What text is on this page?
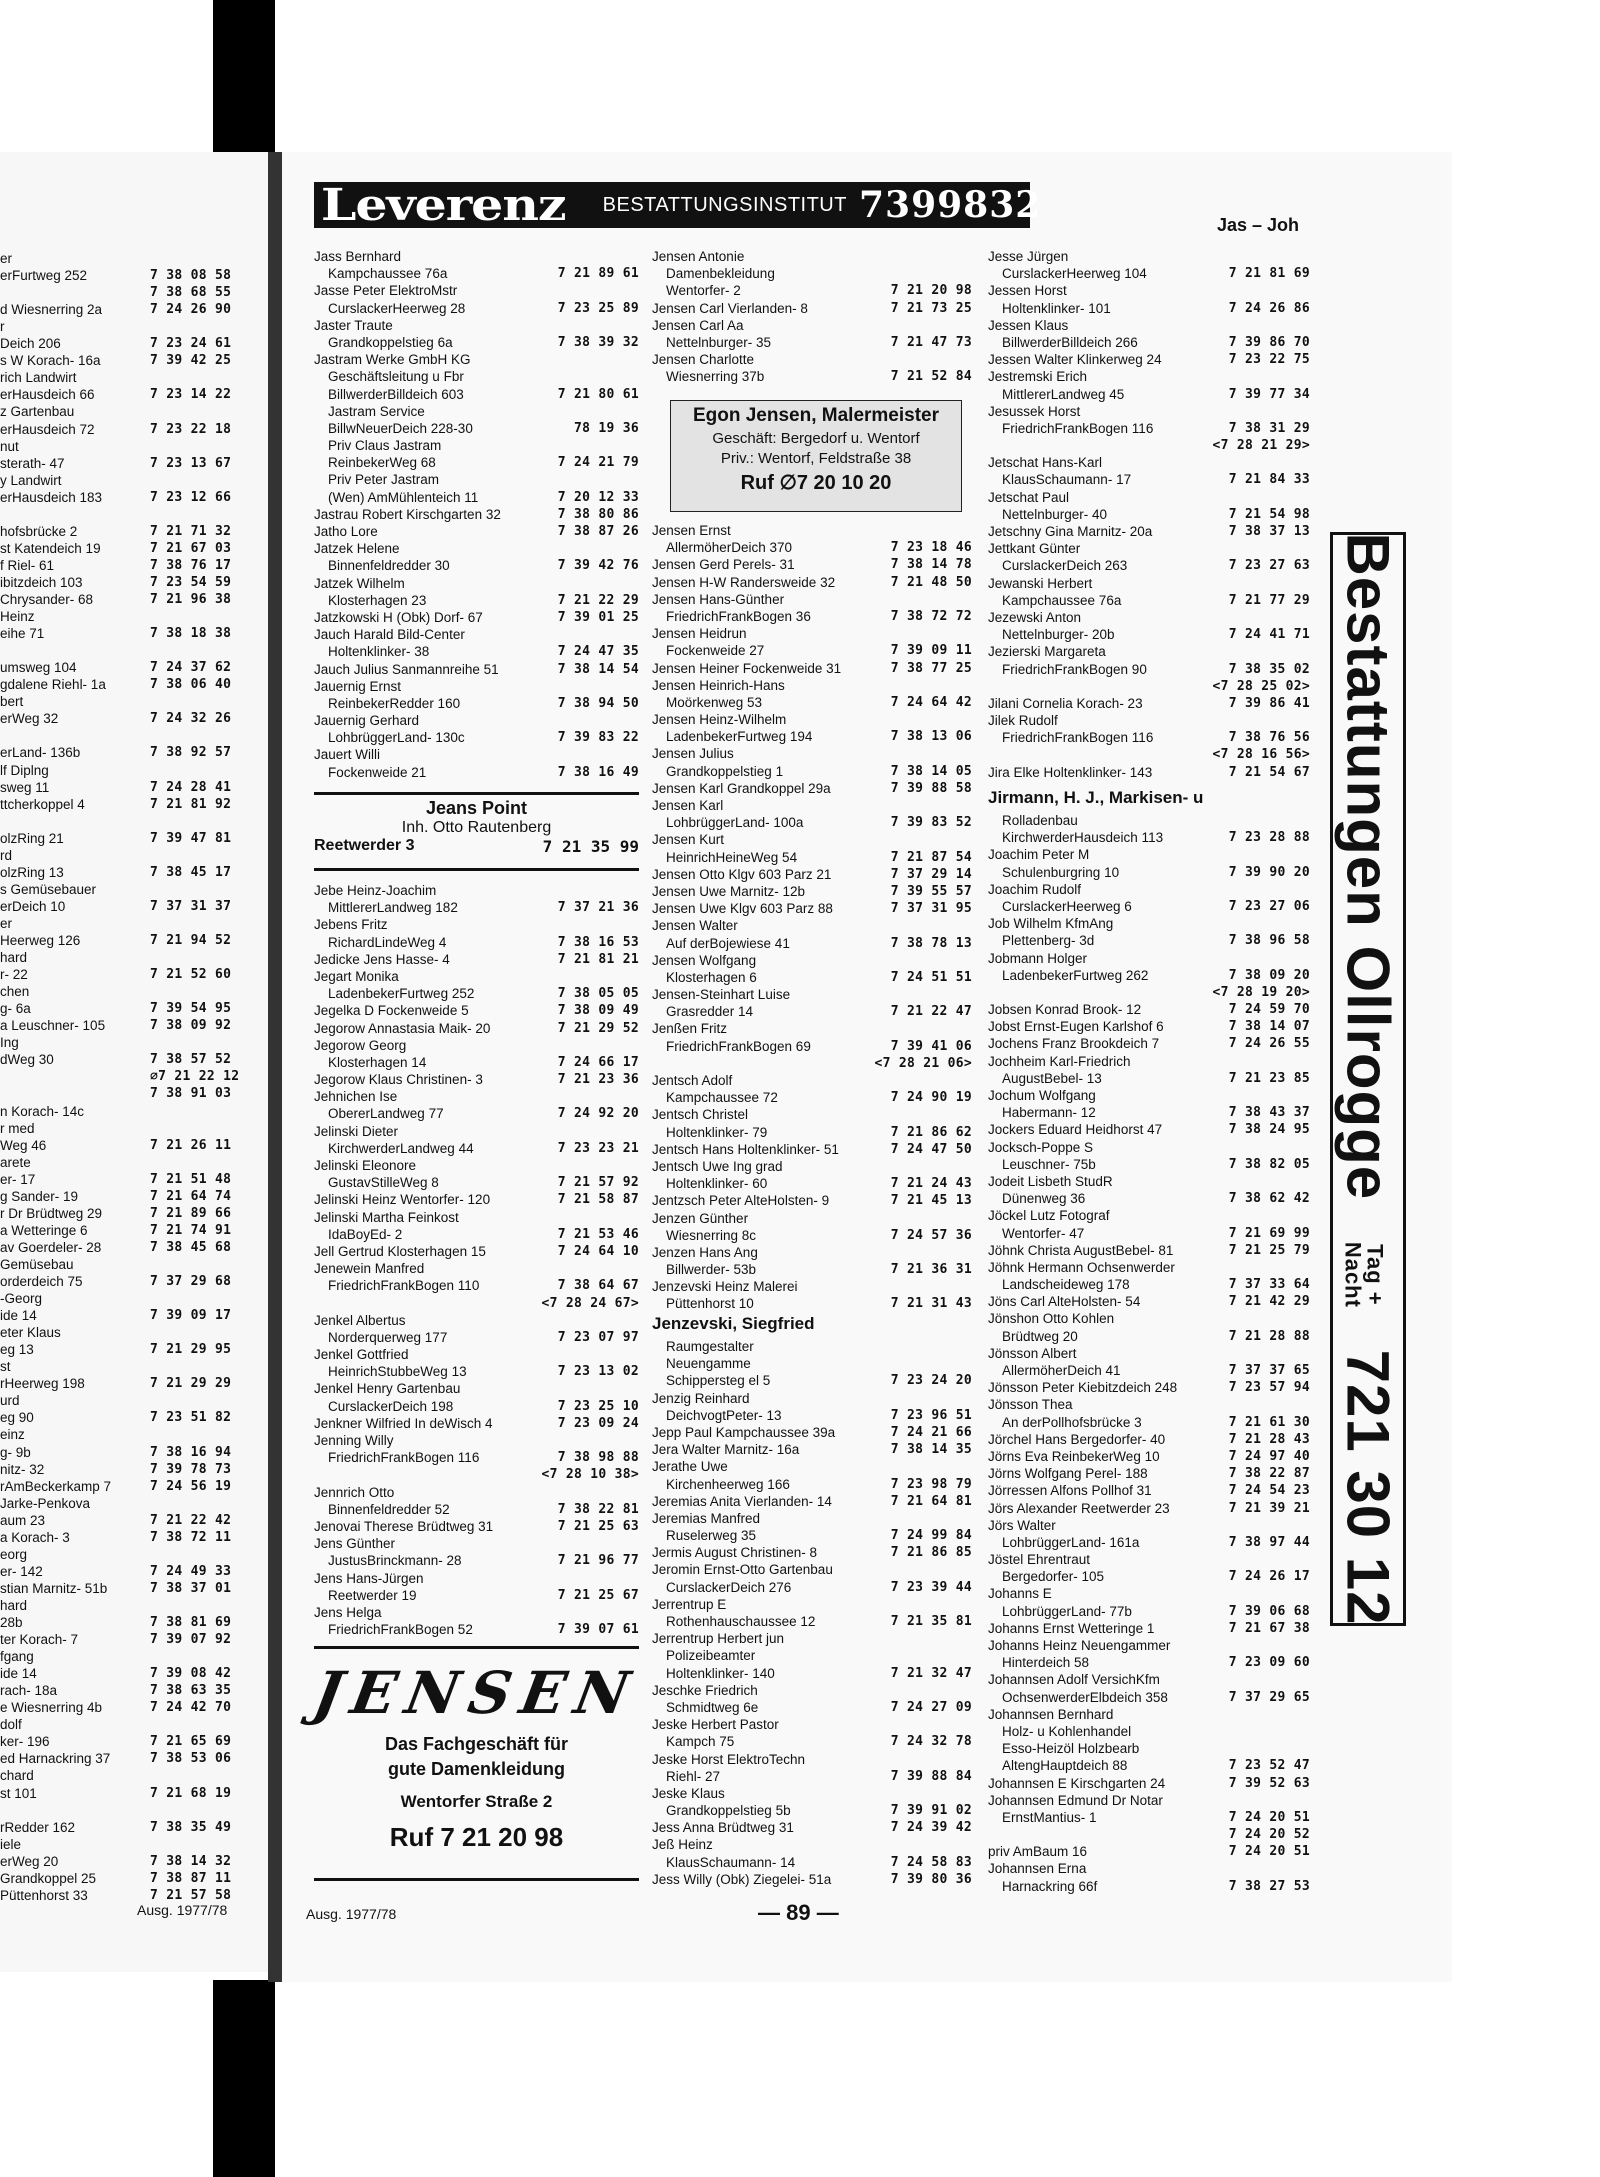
er
erFurtweg 252	7 38 08 58
7 38 68 55
d Wiesnerring 2a	7 24 26 90
r
Deich 206	7 23 24 61
s W Korach- 16a	7 39 42 25
rich Landwirt
erHausdeich 66	7 23 14 22
z Gartenbau
erHausdeich 72	7 23 22 18
nut
sterath- 47	7 23 13 67
y Landwirt
erHausdeich 183	7 23 12 66
hofsbrücke 2	7 21 71 32
st Katendeich 19	7 21 67 03
f Riel- 61	7 38 76 17
ibitzdeich 103	7 23 54 59
Chrysander- 68	7 21 96 38
Heinz
eihe 71	7 38 18 38
umsweg 104	7 24 37 62
gdalene Riehl- 1a	7 38 06 40
bert
erWeg 32	7 24 32 26
erLand- 136b	7 38 92 57
lf Diplng
sweg 11	7 24 28 41
ttcherkoppel 4	7 21 81 92
olzRing 21	7 39 47 81
rd
olzRing 13	7 38 45 17
s Gemüsebauer
erDeich 10	7 37 31 37
er
Heerweg 126	7 21 94 52
hard
r- 22	7 21 52 60
chen
g- 6a	7 39 54 95
a Leuschner- 105	7 38 09 92
Ing
dWeg 30	7 38 57 52
∅7 21 22 12
7 38 91 03
n Korach- 14c
r med
Weg 46	7 21 26 11
arete
er- 17	7 21 51 48
g Sander- 19	7 21 64 74
r Dr Brüdtweg 29	7 21 89 66
a Wetteringe 6	7 21 74 91
av Goerdeler- 28	7 38 45 68
Gemüsebau
orderdeich 75	7 37 29 68
-Georg
ide 14	7 39 09 17
eter Klaus
eg 13	7 21 29 95
st
rHeerweg 198	7 21 29 29
urd
eg 90	7 23 51 82
einz
g- 9b	7 38 16 94
nitz- 32	7 39 78 73
rAmBeckerkamp 7	7 24 56 19
Jarke-Penkova
aum 23	7 21 22 42
a Korach- 3	7 38 72 11
eorg
er- 142	7 24 49 33
stian Marnitz- 51b	7 38 37 01
hard
28b	7 38 81 69
ter Korach- 7	7 39 07 92
fgang
ide 14	7 39 08 42
rach- 18a	7 38 63 35
e Wiesnerring 4b	7 24 42 70
dolf
ker- 196	7 21 65 69
ed Harnackring 37	7 38 53 06
chard
st 101	7 21 68 19
rRedder 162	7 38 35 49
iele
erWeg 20	7 38 14 32
Grandkoppel 25	7 38 87 11
Püttenhorst 33	7 21 57 58
Ausg. 1977/78
Leverenz BESTATTUNGSINSTITUT 7399832	Jas – Joh
Jass Bernhard
Kampchaussee 76a	7 21 89 61
Jasse Peter ElektroMstr
CurslackerHeerweg 28	7 23 25 89
Jaster Traute
Grandkoppelstieg 6a	7 38 39 32
Jastram Werke GmbH KG
Geschäftsleitung u Fbr
BillwerderBilldeich 603	7 21 80 61
Jastram Service
BillwNeuerDeich 228-30	78 19 36
Priv Claus Jastram
ReinbekerWeg 68	7 24 21 79
Priv Peter Jastram
(Wen) AmMühlenteich 11	7 20 12 33
Jastrau Robert Kirschgarten 32	7 38 80 86
Jatho Lore	7 38 87 26
Jatzek Helene
Binnenfeldredder 30	7 39 42 76
Jatzek Wilhelm
Klosterhagen 23	7 21 22 29
Jatzkowski H (Obk) Dorf- 67	7 39 01 25
Jauch Harald Bild-Center
Holtenklinker- 38	7 24 47 35
Jauch Julius Sanmannreihe 51	7 38 14 54
Jauernig Ernst
ReinbekerRedder 160	7 38 94 50
Jauernig Gerhard
LohbrüggerLand- 130c	7 39 83 22
Jauert Willi
Fockenweide 21	7 38 16 49
Jeans Point
Inh. Otto Rautenberg
Reetwerder 3	7 21 35 99
Jebe Heinz-Joachim
MittlererLandweg 182	7 37 21 36
Jebens Fritz
RichardLindeWeg 4	7 38 16 53
Jedicke Jens Hasse- 4	7 21 81 21
Jegart Monika
LadenbekerFurtweg 252	7 38 05 05
Jegelka D Fockenweide 5	7 38 09 49
Jegorow Annastasia Maik- 20	7 21 29 52
Jegorow Georg
Klosterhagen 14	7 24 66 17
Jegorow Klaus Christinen- 3	7 21 23 36
Jehnichen Ise
ObererLandweg 77	7 24 92 20
Jelinski Dieter
KirchwerderLandweg 44	7 23 23 21
Jelinski Eleonore
GustavStilleWeg 8	7 21 57 92
Jelinski Heinz Wentorfer- 120	7 21 58 87
Jelinski Martha Feinkost
IdaBoyEd- 2	7 21 53 46
Jell Gertrud Klosterhagen 15	7 24 64 10
Jenewein Manfred
FriedrichFrankBogen 110	7 38 64 67
<7 28 24 67>
Jenkel Albertus
Norderquerweg 177	7 23 07 97
Jenkel Gottfried
HeinrichStubbeWeg 13	7 23 13 02
Jenkel Henry Gartenbau
CurslackerDeich 198	7 23 25 10
Jenkner Wilfried In deWisch 4	7 23 09 24
Jenning Willy
FriedrichFrankBogen 116	7 38 98 88
<7 28 10 38>
Jennrich Otto
Binnenfeldredder 52	7 38 22 81
Jenovai Therese Brüdtweg 31	7 21 25 63
Jens Günther
JustusBrinckmann- 28	7 21 96 77
Jens Hans-Jürgen
Reetwerder 19	7 21 25 67
Jens Helga
FriedrichFrankBogen 52	7 39 07 61
JENSEN
Das Fachgeschäft für
gute Damenkleidung
Wentorfer Straße 2
Ruf 7 21 20 98
Jensen Antonie
Damenbekleidung
Wentorfer- 2	7 21 20 98
Jensen Carl Vierlanden- 8	7 21 73 25
Jensen Carl Aa
Nettelnburger- 35	7 21 47 73
Jensen Charlotte
Wiesnerring 37b	7 21 52 84
Egon Jensen, Malermeister
Geschäft: Bergedorf u. Wentorf
Priv.: Wentorf, Feldstraße 38
Ruf ∅7 20 10 20
Jensen Ernst
AllermöherDeich 370	7 23 18 46
Jensen Gerd Perels- 31	7 38 14 78
Jensen H-W Randersweide 32	7 21 48 50
Jensen Hans-Günther
FriedrichFrankBogen 36	7 38 72 72
Jensen Heidrun
Fockenweide 27	7 39 09 11
Jensen Heiner Fockenweide 31	7 38 77 25
Jensen Heinrich-Hans
Moörkenweg 53	7 24 64 42
Jensen Heinz-Wilhelm
LadenbekerFurtweg 194	7 38 13 06
Jensen Julius
Grandkoppelstieg 1	7 38 14 05
Jensen Karl Grandkoppel 29a	7 39 88 58
Jensen Karl
LohbrüggerLand- 100a	7 39 83 52
Jensen Kurt
HeinrichHeineWeg 54	7 21 87 54
Jensen Otto Klgv 603 Parz 21	7 37 29 14
Jensen Uwe Marnitz- 12b	7 39 55 57
Jensen Uwe Klgv 603 Parz 88	7 37 31 95
Jensen Walter
Auf derBojewiese 41	7 38 78 13
Jensen Wolfgang
Klosterhagen 6	7 24 51 51
Jensen-Steinhart Luise
Grasredder 14	7 21 22 47
Jenßen Fritz
FriedrichFrankBogen 69	7 39 41 06
<7 28 21 06>
Jentsch Adolf
Kampchaussee 72	7 24 90 19
Jentsch Christel
Holtenklinker- 79	7 21 86 62
Jentsch Hans Holtenklinker- 51	7 24 47 50
Jentsch Uwe Ing grad
Holtenklinker- 60	7 21 24 43
Jentzsch Peter AlteHolsten- 9	7 21 45 13
Jenzen Günther
Wiesnerring 8c	7 24 57 36
Jenzen Hans Ang
Billwerder- 53b	7 21 36 31
Jenzevski Heinz Malerei
Püttenhorst 10	7 21 31 43
Jenzevski, Siegfried
Raumgestalter
Neuengamme
Schippersteg el 5	7 23 24 20
Jenzig Reinhard
DeichvogtPeter- 13	7 23 96 51
Jepp Paul Kampchaussee 39a	7 24 21 66
Jera Walter Marnitz- 16a	7 38 14 35
Jerathe Uwe
Kirchenheerweg 166	7 23 98 79
Jeremias Anita Vierlanden- 14	7 21 64 81
Jeremias Manfred
Ruselerweg 35	7 24 99 84
Jermis August Christinen- 8	7 21 86 85
Jeromin Ernst-Otto Gartenbau
CurslackerDeich 276	7 23 39 44
Jerrentrup E
Rothenhauschaussee 12	7 21 35 81
Jerrentrup Herbert jun
Polizeibeamter
Holtenklinker- 140	7 21 32 47
Jeschke Friedrich
Schmidtweg 6e	7 24 27 09
Jeske Herbert Pastor
Kampch 75	7 24 32 78
Jeske Horst ElektroTechn
Riehl- 27	7 39 88 84
Jeske Klaus
Grandkoppelstieg 5b	7 39 91 02
Jess Anna Brüdtweg 31	7 24 39 42
Jeß Heinz
KlausSchaumann- 14	7 24 58 83
Jess Willy (Obk) Ziegelei- 51a	7 39 80 36
Jesse Jürgen
CurslackerHeerweg 104	7 21 81 69
Jessen Horst
Holtenklinker- 101	7 24 26 86
Jessen Klaus
BillwerderBilldeich 266	7 39 86 70
Jessen Walter Klinkerweg 24	7 23 22 75
Jestremski Erich
MittlererLandweg 45	7 39 77 34
Jesussek Horst
FriedrichFrankBogen 116	7 38 31 29
<7 28 21 29>
Jetschat Hans-Karl
KlausSchaumann- 17	7 21 84 33
Jetschat Paul
Nettelnburger- 40	7 21 54 98
Jetschny Gina Marnitz- 20a	7 38 37 13
Jettkant Günter
CurslackerDeich 263	7 23 27 63
Jewanski Herbert
Kampchaussee 76a	7 21 77 29
Jezewski Anton
Nettelnburger- 20b	7 24 41 71
Jezierski Margareta
FriedrichFrankBogen 90	7 38 35 02
<7 28 25 02>
Jilani Cornelia Korach- 23	7 39 86 41
Jilek Rudolf
FriedrichFrankBogen 116	7 38 76 56
<7 28 16 56>
Jira Elke Holtenklinker- 143	7 21 54 67
Jirmann, H. J., Markisen- u
Rolladenbau
KirchwerderHausdeich 113	7 23 28 88
Joachim Peter M
Schulenburgring 10	7 39 90 20
Joachim Rudolf
CurslackerHeerweg 6	7 23 27 06
Job Wilhelm KfmAng
Plettenberg- 3d	7 38 96 58
Jobmann Holger
LadenbekerFurtweg 262	7 38 09 20
<7 28 19 20>
Jobsen Konrad Brook- 12	7 24 59 70
Jobst Ernst-Eugen Karlshof 6	7 38 14 07
Jochens Franz Brookdeich 7	7 24 26 55
Jochheim Karl-Friedrich
AugustBebel- 13	7 21 23 85
Jochum Wolfgang
Habermann- 12	7 38 43 37
Jockers Eduard Heidhorst 47	7 38 24 95
Jocksch-Poppe S
Leuschner- 75b	7 38 82 05
Jodeit Lisbeth StudR
Dünenweg 36	7 38 62 42
Jöckel Lutz Fotograf
Wentorfer- 47	7 21 69 99
Jöhnk Christa AugustBebel- 81	7 21 25 79
Jöhnk Hermann Ochsenwerder
Landscheideweg 178	7 37 33 64
Jöns Carl AlteHolsten- 54	7 21 42 29
Jönshon Otto Kohlen
Brüdtweg 20	7 21 28 88
Jönsson Albert
AllermöherDeich 41	7 37 37 65
Jönsson Peter Kiebitzdeich 248	7 23 57 94
Jönsson Thea
An derPollhofsbrücke 3	7 21 61 30
Jörchel Hans Bergedorfer- 40	7 21 28 43
Jörns Eva ReinbekerWeg 10	7 24 97 40
Jörns Wolfgang Perel- 188	7 38 22 87
Jörressen Alfons Pollhof 31	7 24 54 23
Jörs Alexander Reetwerder 23	7 21 39 21
Jörs Walter
LohbrüggerLand- 161a	7 38 97 44
Jöstel Ehrentraut
Bergedorfer- 105	7 24 26 17
Johanns E
LohbrüggerLand- 77b	7 39 06 68
Johanns Ernst Wetteringe 1	7 21 67 38
Johanns Heinz Neuengammer
Hinterdeich 58	7 23 09 60
Johannsen Adolf VersichKfm
OchsenwerderElbdeich 358	7 37 29 65
Johannsen Bernhard
Holz- u Kohlenhandel
Esso-Heizöl Holzbearb
AltengHauptdeich 88	7 23 52 47
Johannsen E Kirschgarten 24	7 39 52 63
Johannsen Edmund Dr Notar
ErnstMantius- 1	7 24 20 51
7 24 20 52
priv AmBaum 16	7 24 20 51
Johannsen Erna
Harnackring 66f	7 38 27 53
Bestattungen Ollrogge Tag +
Nacht 721 30 12
Ausg. 1977/78	— 89 —
